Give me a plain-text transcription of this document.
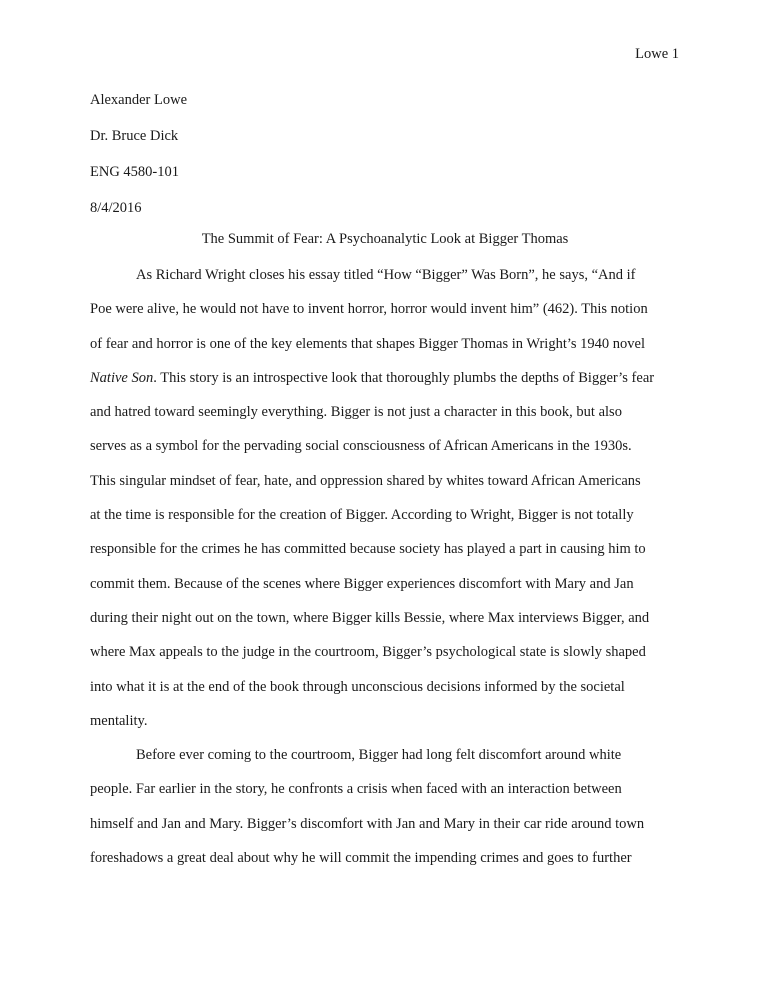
Lowe 1
Alexander Lowe
Dr. Bruce Dick
ENG 4580-101
8/4/2016
The Summit of Fear: A Psychoanalytic Look at Bigger Thomas
As Richard Wright closes his essay titled “How “Bigger” Was Born”, he says, “And if
Poe were alive, he would not have to invent horror, horror would invent him” (462). This notion
of fear and horror is one of the key elements that shapes Bigger Thomas in Wright’s 1940 novel
Native Son. This story is an introspective look that thoroughly plumbs the depths of Bigger’s fear
and hatred toward seemingly everything. Bigger is not just a character in this book, but also
serves as a symbol for the pervading social consciousness of African Americans in the 1930s.
This singular mindset of fear, hate, and oppression shared by whites toward African Americans
at the time is responsible for the creation of Bigger. According to Wright, Bigger is not totally
responsible for the crimes he has committed because society has played a part in causing him to
commit them. Because of the scenes where Bigger experiences discomfort with Mary and Jan
during their night out on the town, where Bigger kills Bessie, where Max interviews Bigger, and
where Max appeals to the judge in the courtroom, Bigger’s psychological state is slowly shaped
into what it is at the end of the book through unconscious decisions informed by the societal
mentality.
Before ever coming to the courtroom, Bigger had long felt discomfort around white
people. Far earlier in the story, he confronts a crisis when faced with an interaction between
himself and Jan and Mary. Bigger’s discomfort with Jan and Mary in their car ride around town
foreshadows a great deal about why he will commit the impending crimes and goes to further
